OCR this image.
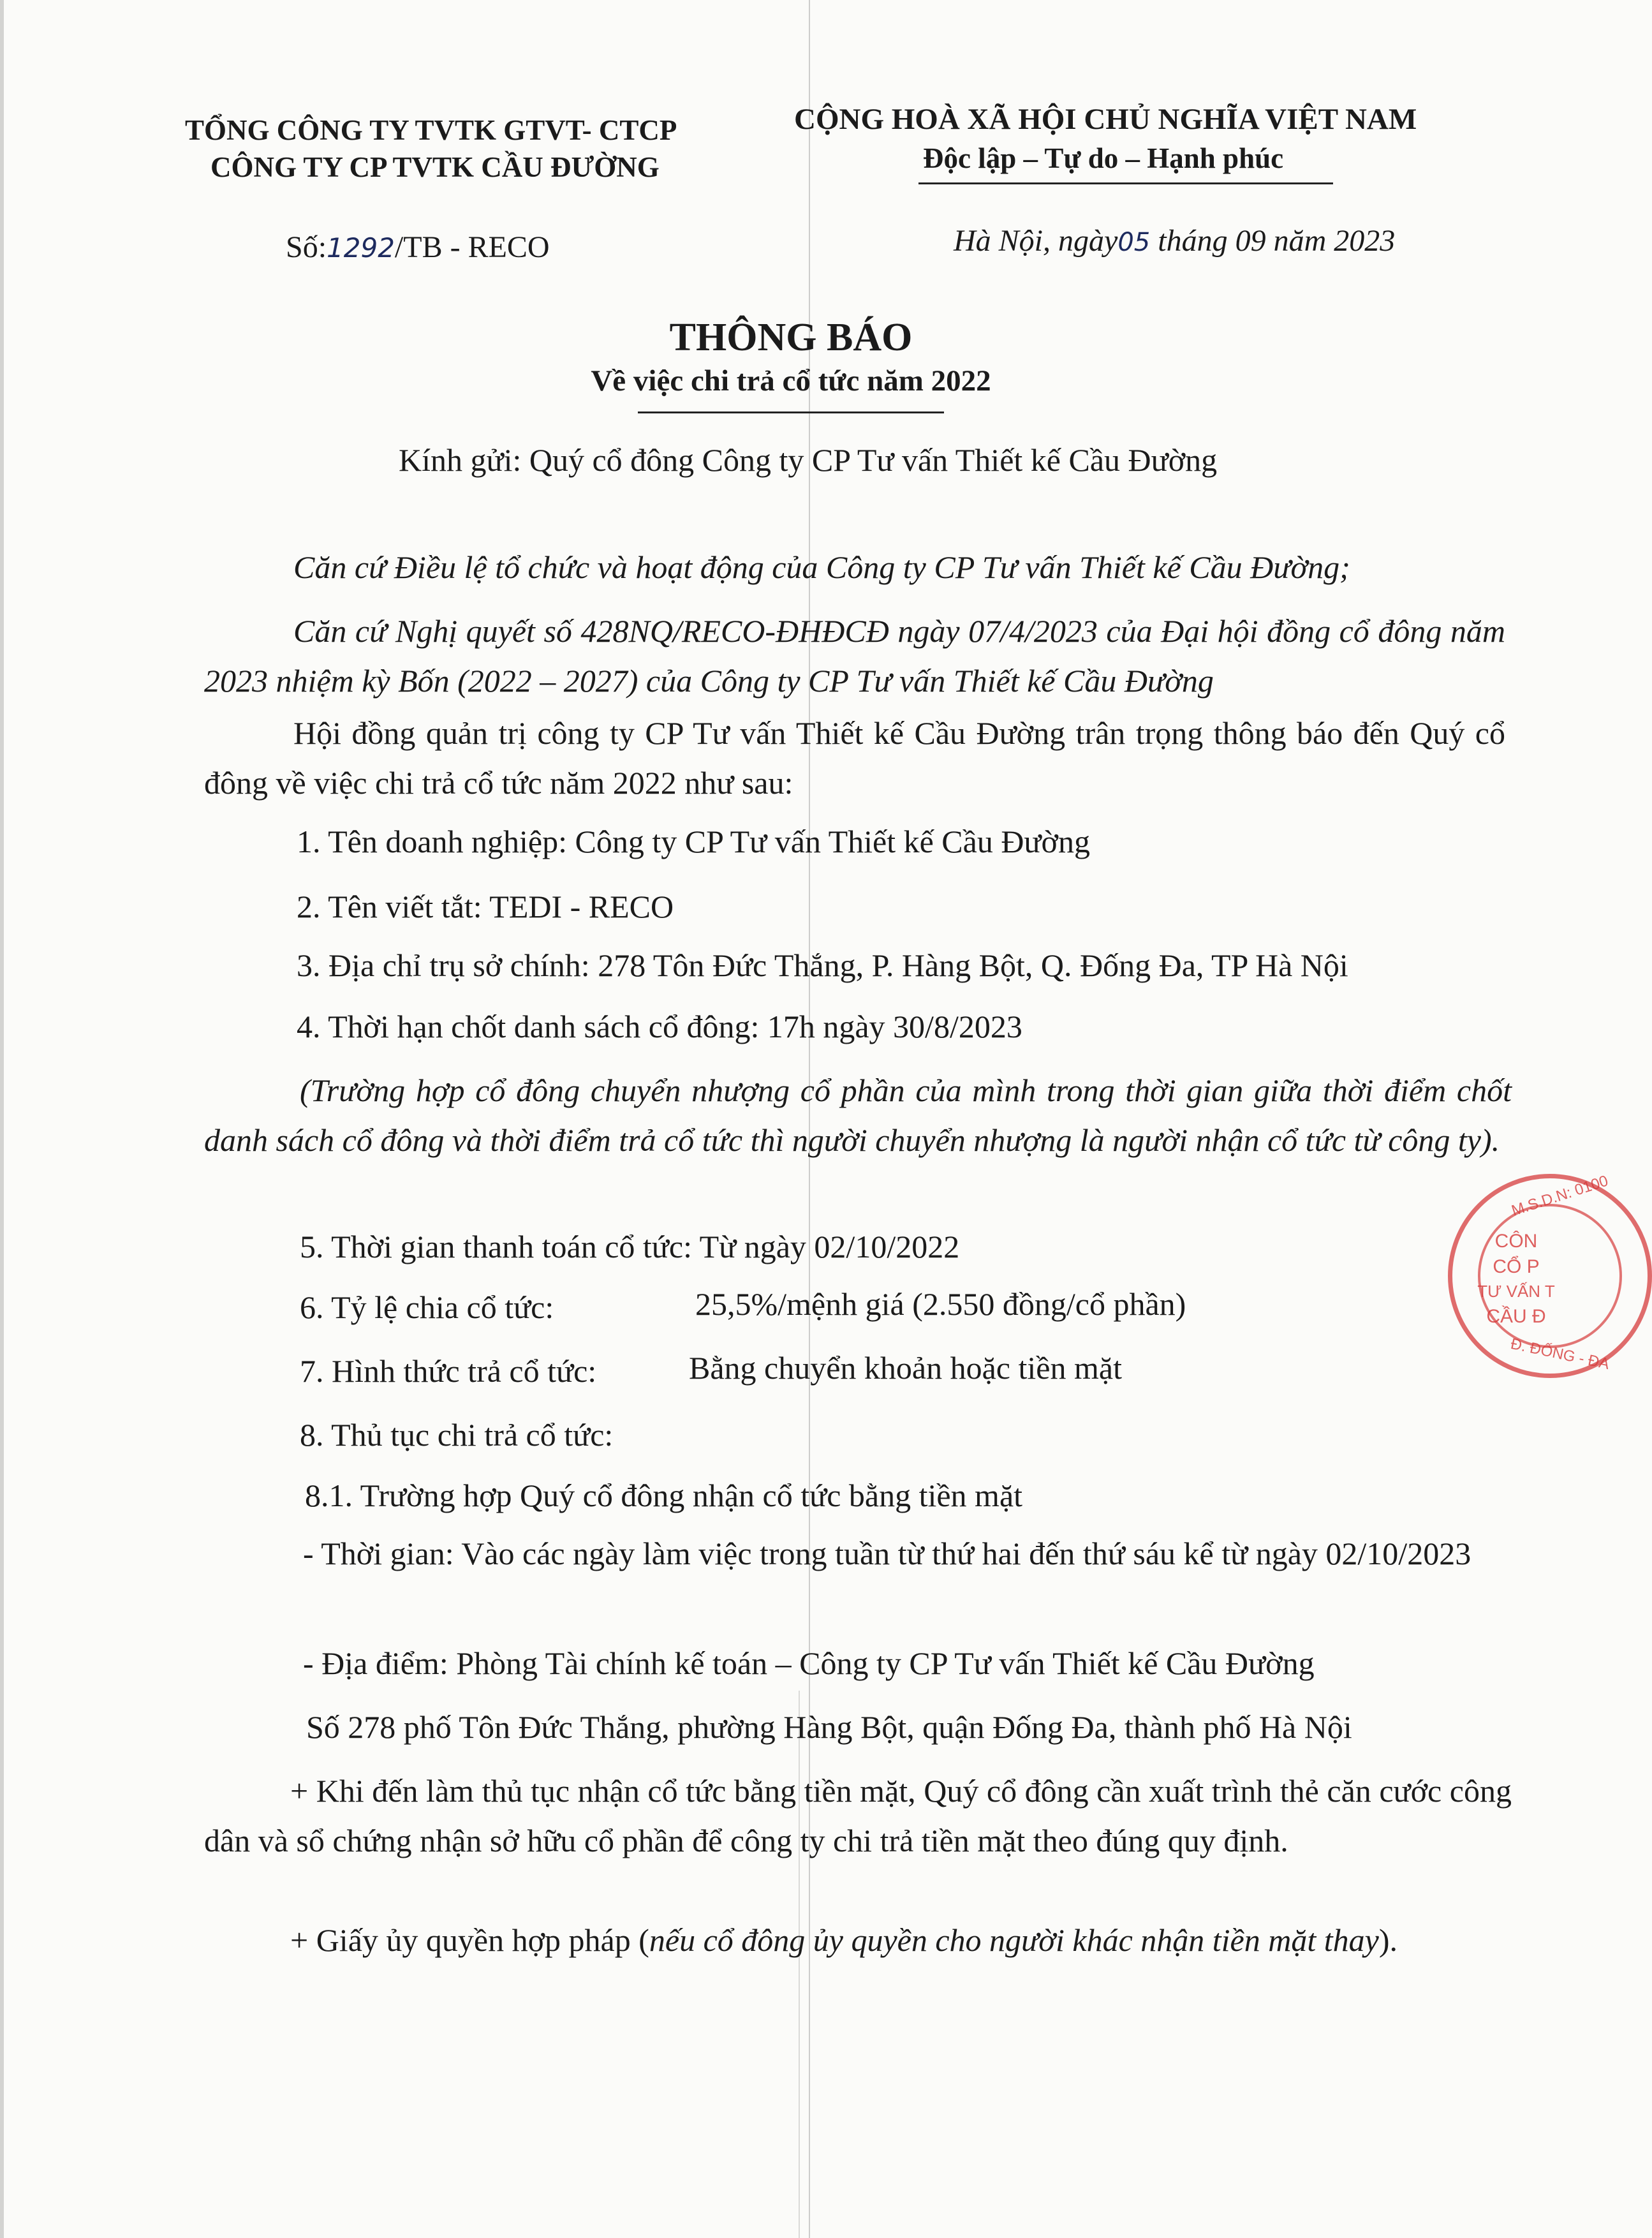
TỔNG CÔNG TY TVTK GTVT- CTCP
CÔNG TY CP TVTK CẦU ĐƯỜNG
CỘNG HOÀ XÃ HỘI CHỦ NGHĨA VIỆT NAM
Độc lập – Tự do – Hạnh phúc
Số:1292/TB - RECO	Hà Nội, ngày05 tháng 09 năm 2023
THÔNG BÁO
Về việc chi trả cổ tức năm 2022
Kính gửi: Quý cổ đông Công ty CP Tư vấn Thiết kế Cầu Đường
Căn cứ Điều lệ tổ chức và hoạt động của Công ty CP Tư vấn Thiết kế Cầu Đường;
Căn cứ Nghị quyết số 428NQ/RECO-ĐHĐCĐ ngày 07/4/2023 của Đại hội đồng cổ đông năm 2023 nhiệm kỳ Bốn (2022 – 2027) của Công ty CP Tư vấn Thiết kế Cầu Đường
Hội đồng quản trị công ty CP Tư vấn Thiết kế Cầu Đường trân trọng thông báo đến Quý cổ đông về việc chi trả cổ tức năm 2022 như sau:
1. Tên doanh nghiệp: Công ty CP Tư vấn Thiết kế Cầu Đường
2. Tên viết tắt: TEDI - RECO
3. Địa chỉ trụ sở chính: 278 Tôn Đức Thắng, P. Hàng Bột, Q. Đống Đa, TP Hà Nội
4. Thời hạn chốt danh sách cổ đông: 17h ngày 30/8/2023
(Trường hợp cổ đông chuyển nhượng cổ phần của mình trong thời gian giữa thời điểm chốt danh sách cổ đông và thời điểm trả cổ tức thì người chuyển nhượng là người nhận cổ tức từ công ty).
5. Thời gian thanh toán cổ tức: Từ ngày 02/10/2022
6. Tỷ lệ chia cổ tức:	25,5%/mệnh giá (2.550 đồng/cổ phần)
7. Hình thức trả cổ tức:	Bằng chuyển khoản hoặc tiền mặt
8. Thủ tục chi trả cổ tức:
8.1. Trường hợp Quý cổ đông nhận cổ tức bằng tiền mặt
- Thời gian: Vào các ngày làm việc trong tuần từ thứ hai đến thứ sáu kể từ ngày 02/10/2023
- Địa điểm: Phòng Tài chính kế toán – Công ty CP Tư vấn Thiết kế Cầu Đường
Số 278 phố Tôn Đức Thắng, phường Hàng Bột, quận Đống Đa, thành phố Hà Nội
+ Khi đến làm thủ tục nhận cổ tức bằng tiền mặt, Quý cổ đông cần xuất trình thẻ căn cước công dân và sổ chứng nhận sở hữu cổ phần để công ty chi trả tiền mặt theo đúng quy định.
+ Giấy ủy quyền hợp pháp (nếu cổ đông ủy quyền cho người khác nhận tiền mặt thay).
M.S.D.N: 0100
CÔN
CỔ P
TƯ VẤN T
CẦU Đ
Đ. ĐỐNG - ĐA
